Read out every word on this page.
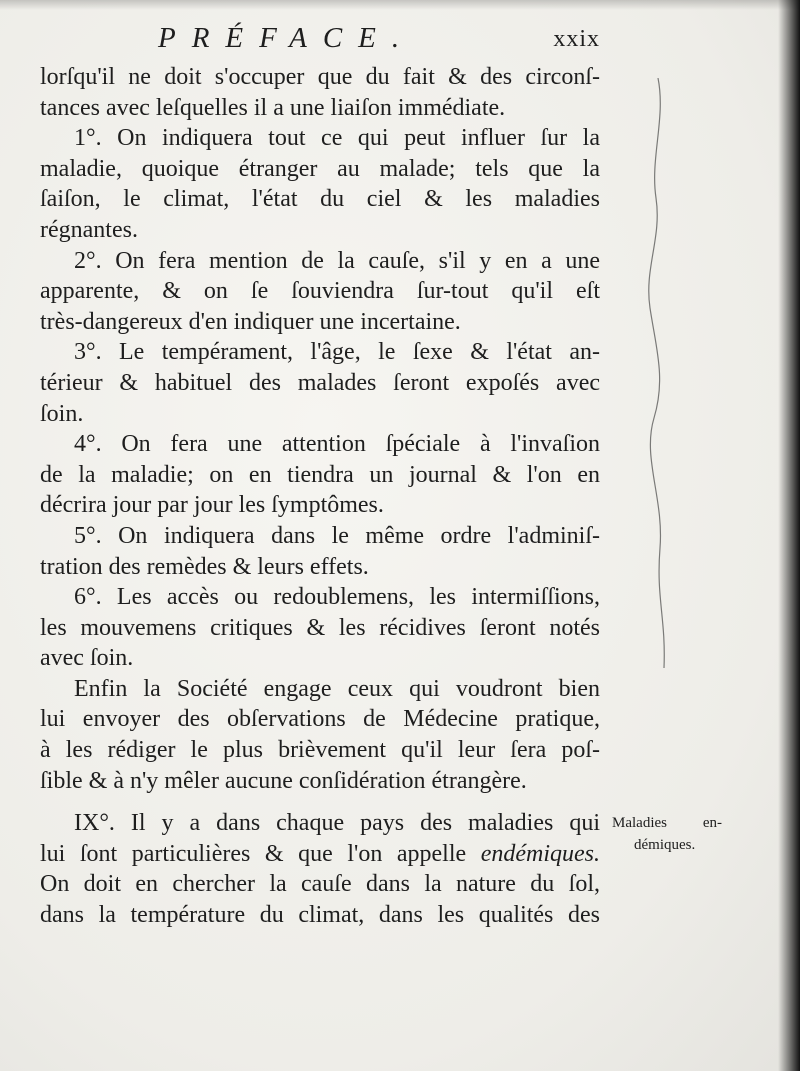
PRÉFACE.	xxix
lorſqu'il ne doit s'occuper que du fait & des circonſ-
tances avec leſquelles il a une liaiſon immédiate.
1°. On indiquera tout ce qui peut influer ſur la
maladie, quoique étranger au malade; tels que la
ſaiſon, le climat, l'état du ciel & les maladies
régnantes.
2°. On fera mention de la cauſe, s'il y en a une
apparente, & on ſe ſouviendra ſur-tout qu'il eſt
très-dangereux d'en indiquer une incertaine.
3°. Le tempérament, l'âge, le ſexe & l'état an-
térieur & habituel des malades ſeront expoſés avec
ſoin.
4°. On fera une attention ſpéciale à l'invaſion
de la maladie; on en tiendra un journal & l'on en
décrira jour par jour les ſymptômes.
5°. On indiquera dans le même ordre l'adminiſ-
tration des remèdes & leurs effets.
6°. Les accès ou redoublemens, les intermiſſions,
les mouvemens critiques & les récidives ſeront notés
avec ſoin.
Enfin la Société engage ceux qui voudront bien
lui envoyer des obſervations de Médecine pratique,
à les rédiger le plus brièvement qu'il leur ſera poſ-
ſible & à n'y mêler aucune conſidération étrangère.
IX°. Il y a dans chaque pays des maladies qui
lui ſont particulières & que l'on appelle endémiques.
On doit en chercher la cauſe dans la nature du ſol,
dans la température du climat, dans les qualités des
Maladies en-
démiques.
